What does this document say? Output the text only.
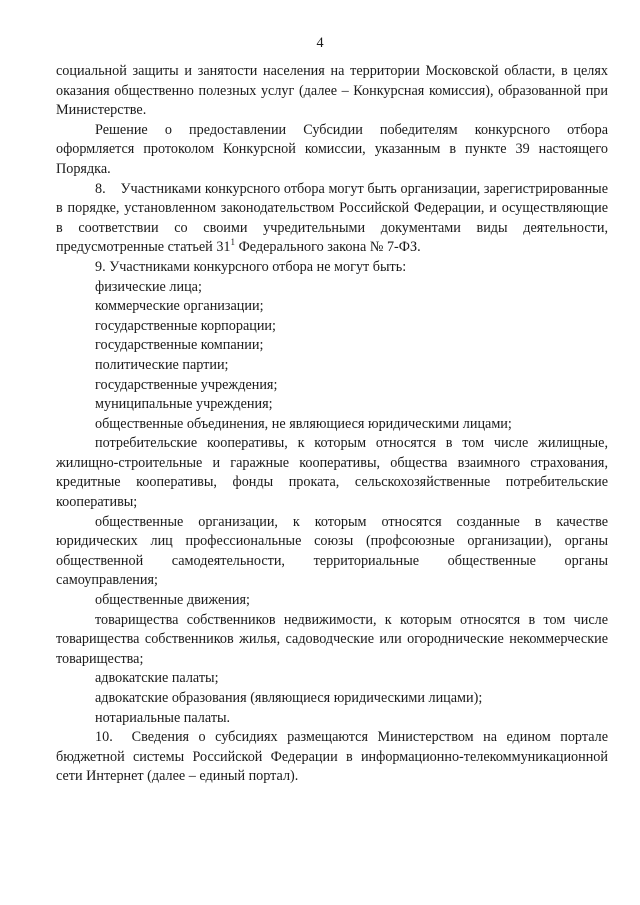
4

социальной защиты и занятости населения на территории Московской области, в целях оказания общественно полезных услуг (далее – Конкурсная комиссия), образованной при Министерстве.

Решение о предоставлении Субсидии победителям конкурсного отбора оформляется протоколом Конкурсной комиссии, указанным в пункте 39 настоящего Порядка.

8.    Участниками конкурсного отбора могут быть организации, зарегистрированные в порядке, установленном законодательством Российской Федерации, и осуществляющие в соответствии со своими учредительными документами виды деятельности, предусмотренные статьей $31^1$ Федерального закона № 7-ФЗ.

9. Участниками конкурсного отбора не могут быть:

физические лица;

коммерческие организации;

государственные корпорации;

государственные компании;

политические партии;

государственные учреждения;

муниципальные учреждения;

общественные объединения, не являющиеся юридическими лицами;

потребительские кооперативы, к которым относятся в том числе жилищные, жилищно-строительные и гаражные кооперативы, общества взаимного страхования, кредитные кооперативы, фонды проката, сельскохозяйственные потребительские кооперативы;

общественные организации, к которым относятся созданные в качестве юридических лиц профессиональные союзы (профсоюзные организации), органы общественной самодеятельности, территориальные общественные органы самоуправления;

общественные движения;

товарищества собственников недвижимости, к которым относятся в том числе товарищества собственников жилья, садоводческие или огороднические некоммерческие товарищества;

адвокатские палаты;

адвокатские образования (являющиеся юридическими лицами);

нотариальные палаты.

10.  Сведения о субсидиях размещаются Министерством на едином портале бюджетной системы Российской Федерации в информационно-телекоммуникационной сети Интернет (далее – единый портал).
